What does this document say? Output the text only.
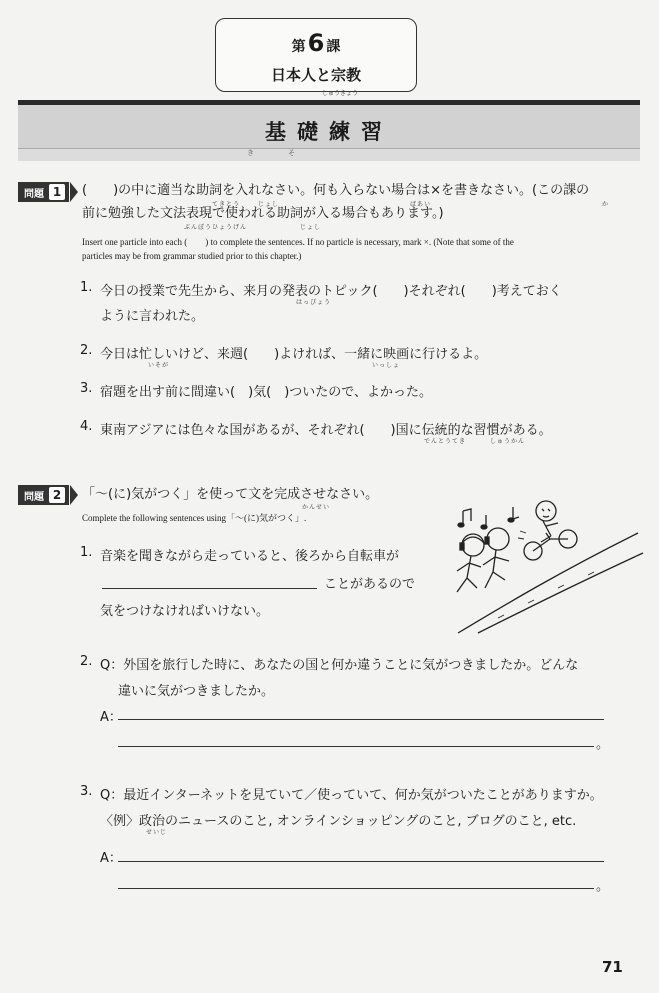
第6 課
日本人と宗教
しゅうきょう
基礎練習
き	そ
問題 1 (　　)の中に適当な助詞を入れなさい。何も入らない場合は×を書きなさい。(この課の
てきとう	じょし	ばあい	か
前に勉強した文法表現で使われる助詞が入る場合もあります。)
ぶんぽうひょうげん	じょし
Insert one particle into each (　　) to complete the sentences. If no particle is necessary, mark ×. (Note that some of the
particles may be from grammar studied prior to this chapter.)
1. 今日の授業で先生から、来月の発表のトピック(　　)それぞれ(　　)考えておく
はっぴょう
ように言われた。
2. 今日は忙しいけど、来週(　　)よければ、一緒に映画に行けるよ。
いそが	いっしょ
3. 宿題を出す前に間違い(　)気(　)ついたので、よかった。
4. 東南アジアには色々な国があるが、それぞれ(　　)国に伝統的な習慣がある。
でんとうてき	しゅうかん
問題 2 「〜(に)気がつく」を使って文を完成させなさい。
かんせい
Complete the following sentences using「〜(に)気がつく」.
1. 音楽を聞きながら走っていると、後ろから自転車が
ことがあるので
気をつけなければいけない。
2. Q：外国を旅行した時に、あなたの国と何か違うことに気がつきましたか。どんな
違いに気がつきましたか。
A：
。
3. Q：最近インターネットを見ていて／使っていて、何か気がついたことがありますか。
〈例〉政治のニュースのこと, オンラインショッピングのこと, ブログのこと, etc.
せいじ
A：
。
71
